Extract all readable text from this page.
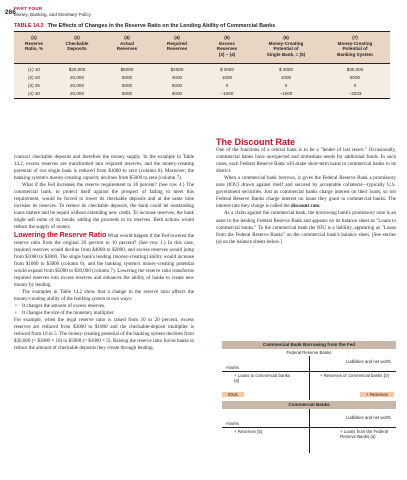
266
PART FOUR
Money, Banking, and Monetary Policy
TABLE 14.2 The Effects of Changes in the Reserve Ratio on the Lending Ability of Commercial Banks
(1)
Reserve
Ratio, %
(2)
Checkable
Deposits
(3)
Actual
Reserves
(4)
Required
Reserves
(5)
Excess
Reserves
(3) − (4)
(6)
Money-Creating
Potential of
Single Bank, = (5)
(7)
Money-Creating
Potential of
Banking System
(1) 10	$20,000	$5000	$2000	$ 3000	$ 3000	$30,000
(2) 20	20,000	5000	4000	1000	1000	5000
(3) 25	20,000	5000	5000	0	0	0
(4) 30	20,000	5000	6000	−1000	−1000	−3333

contract checkable deposits and therefore the money supply. In the example in Table 14.2, excess reserves are transformed into required reserves, and the money-creating potential of our single bank is reduced from $1000 to zero (column 6). Moreover, the banking system's money-creating capacity declines from $5000 to zero (column 7).

What if the Fed increases the reserve requirement to 30 percent? (See row 4.) The commercial bank, to protect itself against the prospect of failing to meet this requirement, would be forced to lower its checkable deposits and at the same time increase its reserves. To reduce its checkable deposits, the bank could let outstanding loans mature and be repaid without extending new credit. To increase reserves, the bank might sell some of its bonds, adding the proceeds to its reserves. Both actions would reduce the supply of money.

Lowering the Reserve Ratio What would happen if the Fed lowered the reserve ratio from the original 20 percent to 10 percent? (See row 1.) In this case, required reserves would decline from $4000 to $2000, and excess reserves would jump from $1000 to $3000. The single bank's lending (money-creating) ability would increase from $1000 to $3000 (column 6), and the banking system's money-creating potential would expand from $5000 to $30,000 (column 7). Lowering the reserve ratio transforms required reserves into excess reserves and enhances the ability of banks to create new money by lending.

The examples in Table 14.2 show that a change in the reserve ratio affects the money-creating ability of the banking system in two ways:

• It changes the amount of excess reserves.
• It changes the size of the monetary multiplier.

For example, when the legal reserve ratio is raised from 10 to 20 percent, excess reserves are reduced from $3000 to $1000 and the checkable-deposit multiplier is reduced from 10 to 5. The money-creating potential of the banking system declines from $30,000 (= $3000 × 10) to $5000 (= $1000 × 5). Raising the reserve ratio forces banks to reduce the amount of checkable deposits they create through lending.

The Discount Rate

One of the functions of a central bank is to be a "lender of last resort." Occasionally, commercial banks have unexpected and immediate needs for additional funds. In such cases, each Federal Reserve Bank will make short-term loans to commercial banks in its district.

When a commercial bank borrows, it gives the Federal Reserve Bank a promissory note (IOU) drawn against itself and secured by acceptable collateral—typically U.S. government securities. Just as commercial banks charge interest on their loans, so too Federal Reserve Banks charge interest on loans they grant to commercial banks. The interest rate they charge is called the discount rate.

As a claim against the commercial bank, the borrowing bank's promissory note is an asset to the lending Federal Reserve Bank and appears on its balance sheet as "Loans to commercial banks." To the commercial bank the IOU is a liability, appearing as "Loans from the Federal Reserve Banks" on the commercial bank's balance sheet. [See entries (a) on the balance sheets below.]

Commercial Bank Borrowing from the Fed
Federal Reserve Banks
Assets
Liabilities and net worth
+ Loans to commercial banks (a)
+ Reserves of commercial banks (b)
IOUs	+ Reserves
Commercial Banks
Assets
Liabilities and net worth
+ Reserves (b)	+ Loans from the Federal Reserve Banks (a)
